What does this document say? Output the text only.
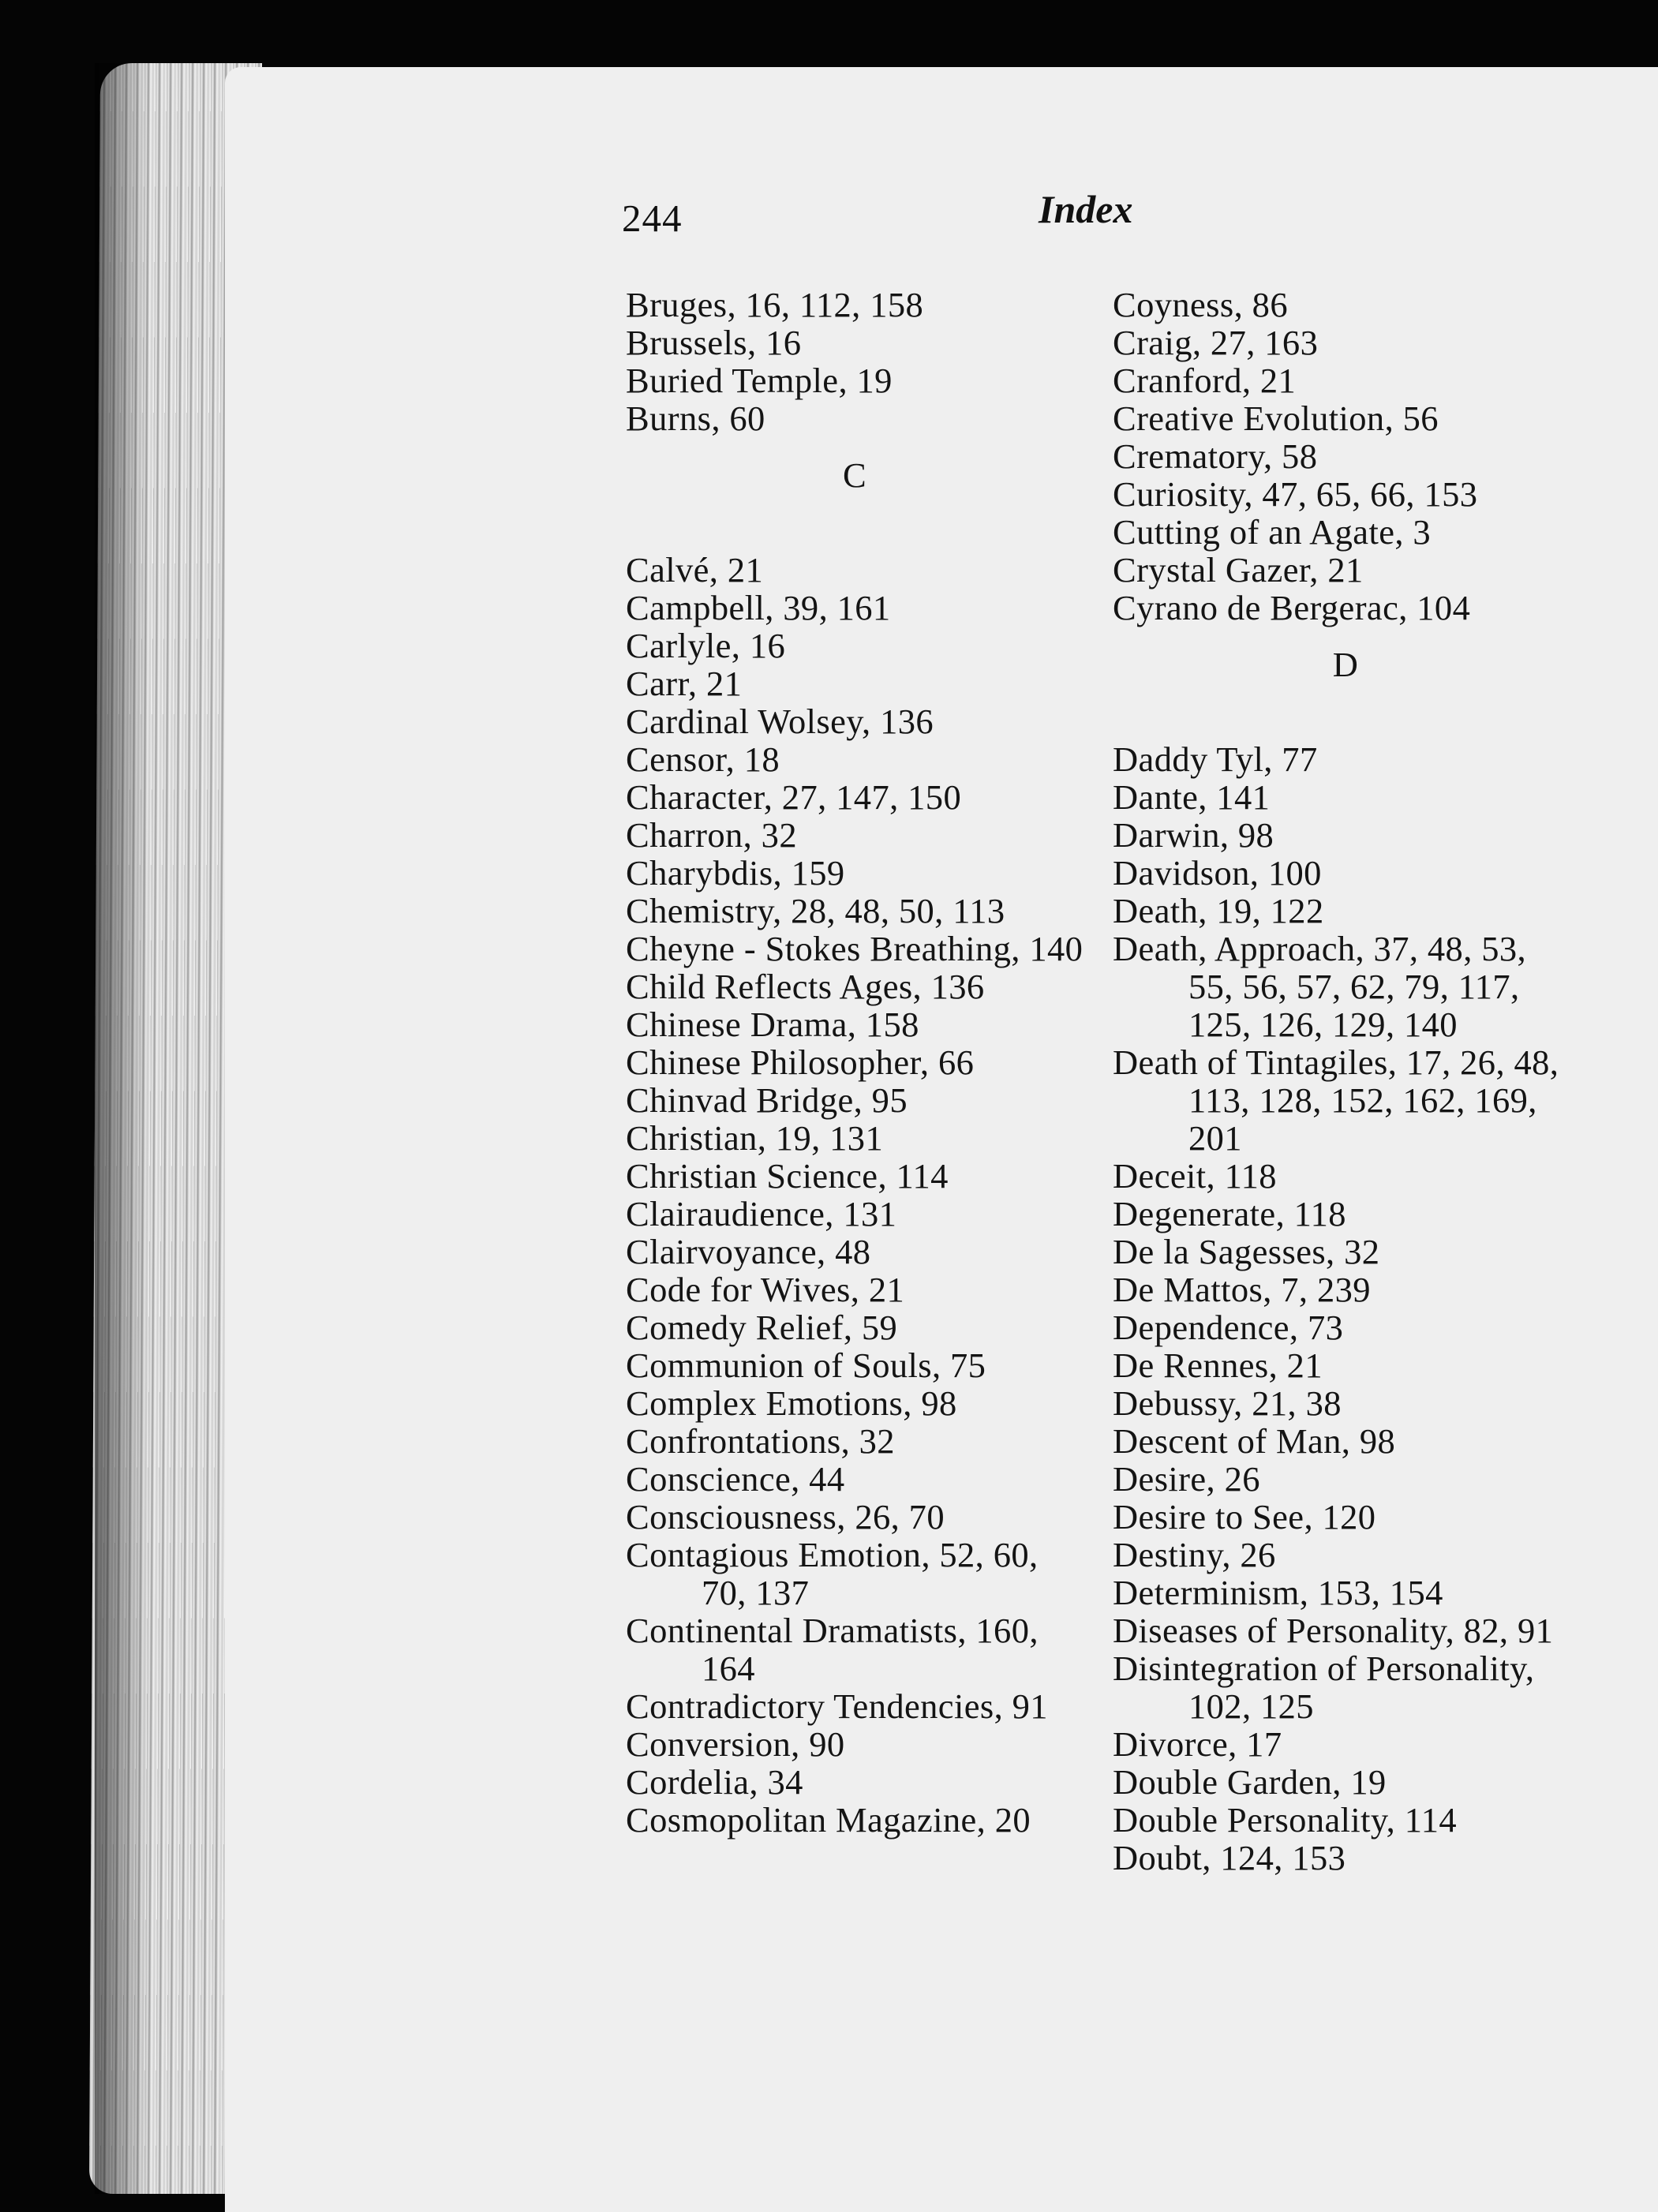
244	Index
Bruges, 16, 112, 158
Brussels, 16
Buried Temple, 19
Burns, 60
C
Calvé, 21
Campbell, 39, 161
Carlyle, 16
Carr, 21
Cardinal Wolsey, 136
Censor, 18
Character, 27, 147, 150
Charron, 32
Charybdis, 159
Chemistry, 28, 48, 50, 113
Cheyne - Stokes Breathing, 140
Child Reflects Ages, 136
Chinese Drama, 158
Chinese Philosopher, 66
Chinvad Bridge, 95
Christian, 19, 131
Christian Science, 114
Clairaudience, 131
Clairvoyance, 48
Code for Wives, 21
Comedy Relief, 59
Communion of Souls, 75
Complex Emotions, 98
Confrontations, 32
Conscience, 44
Consciousness, 26, 70
Contagious Emotion, 52, 60, 70, 137
Continental Dramatists, 160, 164
Contradictory Tendencies, 91
Conversion, 90
Cordelia, 34
Cosmopolitan Magazine, 20
Coyness, 86
Craig, 27, 163
Cranford, 21
Creative Evolution, 56
Crematory, 58
Curiosity, 47, 65, 66, 153
Cutting of an Agate, 3
Crystal Gazer, 21
Cyrano de Bergerac, 104
D
Daddy Tyl, 77
Dante, 141
Darwin, 98
Davidson, 100
Death, 19, 122
Death, Approach, 37, 48, 53, 55, 56, 57, 62, 79, 117, 125, 126, 129, 140
Death of Tintagiles, 17, 26, 48, 113, 128, 152, 162, 169, 201
Deceit, 118
Degenerate, 118
De la Sagesses, 32
De Mattos, 7, 239
Dependence, 73
De Rennes, 21
Debussy, 21, 38
Descent of Man, 98
Desire, 26
Desire to See, 120
Destiny, 26
Determinism, 153, 154
Diseases of Personality, 82, 91
Disintegration of Personality, 102, 125
Divorce, 17
Double Garden, 19
Double Personality, 114
Doubt, 124, 153
